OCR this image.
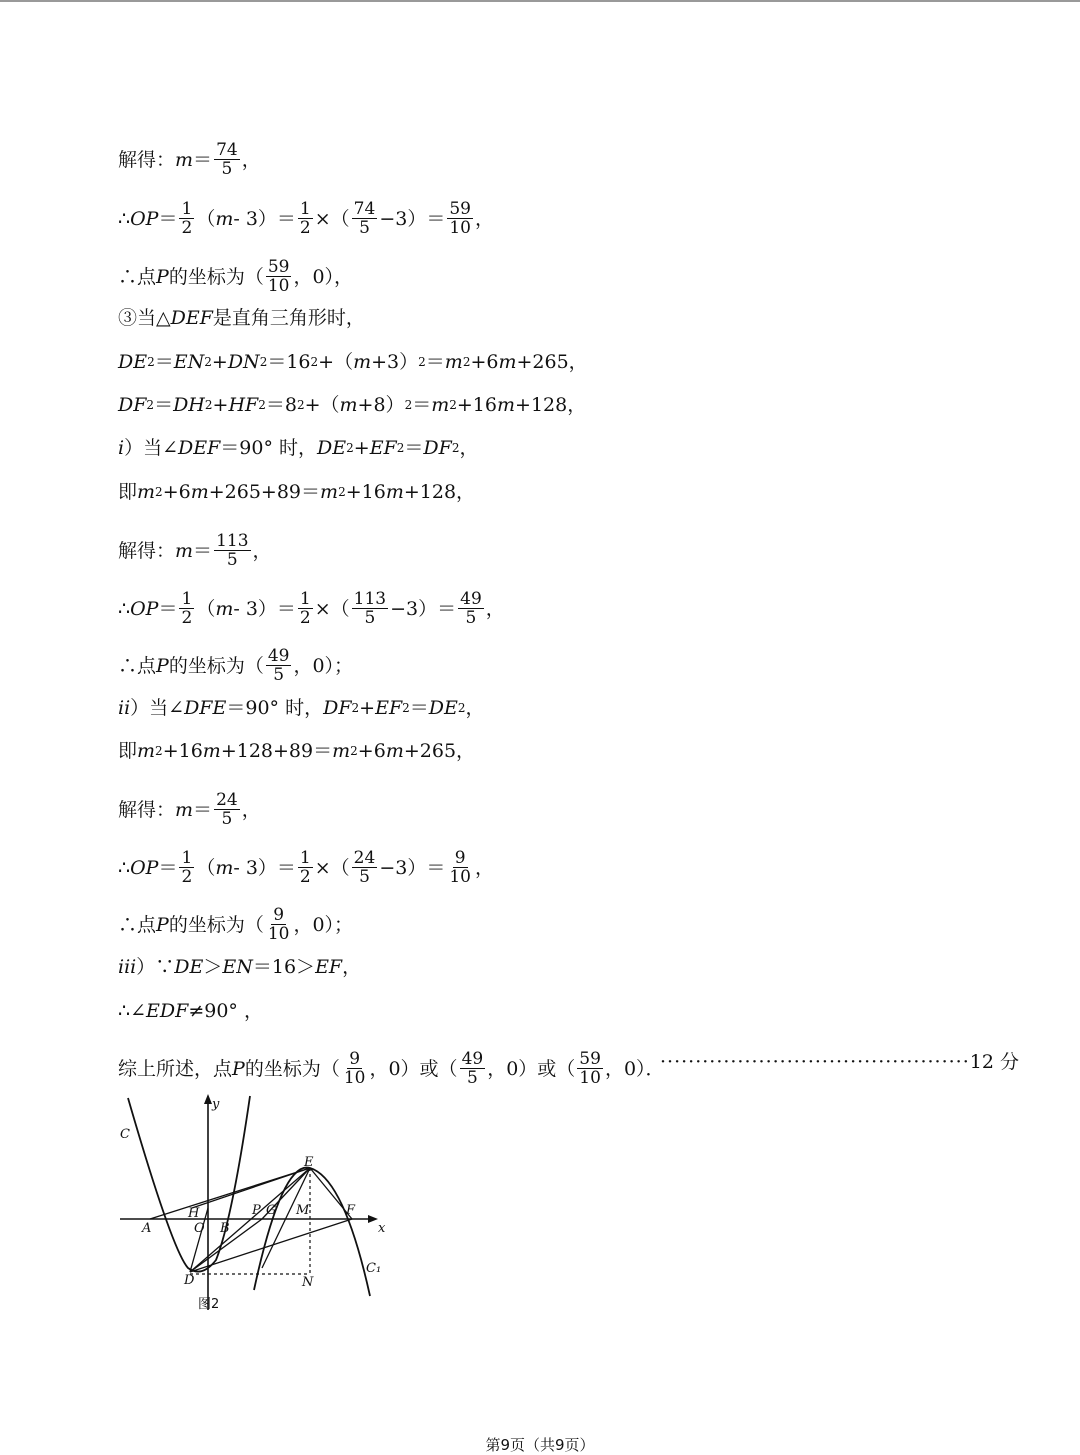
解得： $m = \frac{74}{5}$ ，
∴ OP ＝ $\frac{1}{2}$ （ $m - 3)= \frac{1}{2}$ ×（ $\frac{74}{5} -3)= \frac{59}{10}$ ，
∴点 P 的坐标为（ $\frac{59}{10}$ ，0），
③当△ DEF 是直角三角形时，
DE 2 ＝ EN 2 + DN 2 ＝16 2 +（ m +3） 2 ＝ m 2 +6 m +265，
DF 2 ＝ DH 2 + HF 2 ＝8 2 +（ m +8） 2 ＝ m 2 +16 m +128，
i ）当∠ DEF ＝90° 时， DE 2 + EF 2 ＝ DF 2 ，
即 m 2 +6 m +265+89＝ m 2 +16 m +128，
解得： $m = \frac{113}{5}$ ，
∴ OP ＝ $\frac{1}{2}$ （ $m - 3)= \frac{1}{2}$ ×（ $\frac{113}{5} -3)= \frac{49}{5}$ ，
∴点 P 的坐标为（ $\frac{49}{5}$ ，0）；
ii ）当∠ DFE ＝90° 时， DF 2 + EF 2 ＝ DE 2 ，
即 m 2 +16 m +128+89＝ m 2 +6 m +265，
解得： $m = \frac{24}{5}$ ，
∴ OP ＝ $\frac{1}{2}$ （ $m - 3)= \frac{1}{2}$ ×（ $\frac{24}{5} -3)= \frac{9}{10}$ ，
∴点 P 的坐标为（ $\frac{9}{10}$ ，0）；
iii ）∵ DE ＞ EN ＝16＞ EF ，
∴∠ EDF ≠90° ，
综上所述，点 P 的坐标为（ $\frac{9}{10}$ ，0）或（ $\frac{49}{5}$ ，0）或（ $\frac{59}{10}$ ，0）．
············································12 分
C
y
E
H
A	O B
P G M	F
x
D	N
C₁
图2
第9页（共9页）
